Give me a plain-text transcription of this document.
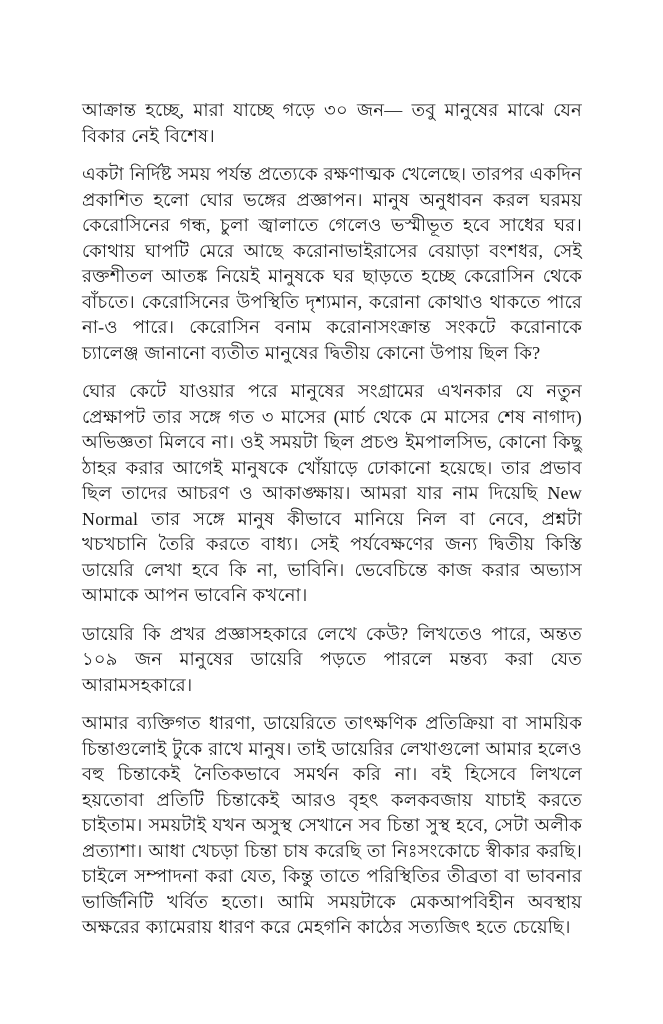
আক্রান্ত হচ্ছে, মারা যাচ্ছে গড়ে ৩০ জন— তবু মানুষের মাঝে যেন বিকার নেই বিশেষ।

একটা নির্দিষ্ট সময় পর্যন্ত প্রত্যেকে রক্ষণাত্মক খেলেছে। তারপর একদিন প্রকাশিত হলো ঘোর ভঙ্গের প্রজ্ঞাপন। মানুষ অনুধাবন করল ঘরময় কেরোসিনের গন্ধ, চুলা জ্বালাতে গেলেও ভস্মীভূত হবে সাধের ঘর। কোথায় ঘাপটি মেরে আছে করোনাভাইরাসের বেয়াড়া বংশধর, সেই রক্তশীতল আতঙ্ক নিয়েই মানুষকে ঘর ছাড়তে হচ্ছে কেরোসিন থেকে বাঁচতে। কেরোসিনের উপস্থিতি দৃশ্যমান, করোনা কোথাও থাকতে পারে না-ও পারে। কেরোসিন বনাম করোনাসংক্রান্ত সংকটে করোনাকে চ্যালেঞ্জ জানানো ব্যতীত মানুষের দ্বিতীয় কোনো উপায় ছিল কি?

ঘোর কেটে যাওয়ার পরে মানুষের সংগ্রামের এখনকার যে নতুন প্রেক্ষাপট তার সঙ্গে গত ৩ মাসের (মার্চ থেকে মে মাসের শেষ নাগাদ) অভিজ্ঞতা মিলবে না। ওই সময়টা ছিল প্রচণ্ড ইমপালসিভ, কোনো কিছু ঠাহর করার আগেই মানুষকে খোঁয়াড়ে ঢোকানো হয়েছে। তার প্রভাব ছিল তাদের আচরণ ও আকাঙ্ক্ষায়। আমরা যার নাম দিয়েছি New Normal তার সঙ্গে মানুষ কীভাবে মানিয়ে নিল বা নেবে, প্রশ্নটা খচখচানি তৈরি করতে বাধ্য। সেই পর্যবেক্ষণের জন্য দ্বিতীয় কিস্তি ডায়েরি লেখা হবে কি না, ভাবিনি। ভেবেচিন্তে কাজ করার অভ্যাস আমাকে আপন ভাবেনি কখনো।

ডায়েরি কি প্রখর প্রজ্ঞাসহকারে লেখে কেউ? লিখতেও পারে, অন্তত ১০৯ জন মানুষের ডায়েরি পড়তে পারলে মন্তব্য করা যেত আরামসহকারে।

আমার ব্যক্তিগত ধারণা, ডায়েরিতে তাৎক্ষণিক প্রতিক্রিয়া বা সাময়িক চিন্তাগুলোই টুকে রাখে মানুষ। তাই ডায়েরির লেখাগুলো আমার হলেও বহু চিন্তাকেই নৈতিকভাবে সমর্থন করি না। বই হিসেবে লিখলে হয়তোবা প্রতিটি চিন্তাকেই আরও বৃহৎ কলকবজায় যাচাই করতে চাইতাম। সময়টাই যখন অসুস্থ সেখানে সব চিন্তা সুস্থ হবে, সেটা অলীক প্রত্যাশা। আধা খেচড়া চিন্তা চাষ করেছি তা নিঃসংকোচে স্বীকার করছি। চাইলে সম্পাদনা করা যেত, কিন্তু তাতে পরিস্থিতির তীব্রতা বা ভাবনার ভার্জিনিটি খর্বিত হতো। আমি সময়টাকে মেকআপবিহীন অবস্থায় অক্ষরের ক্যামেরায় ধারণ করে মেহগনি কাঠের সত্যজিৎ হতে চেয়েছি।
